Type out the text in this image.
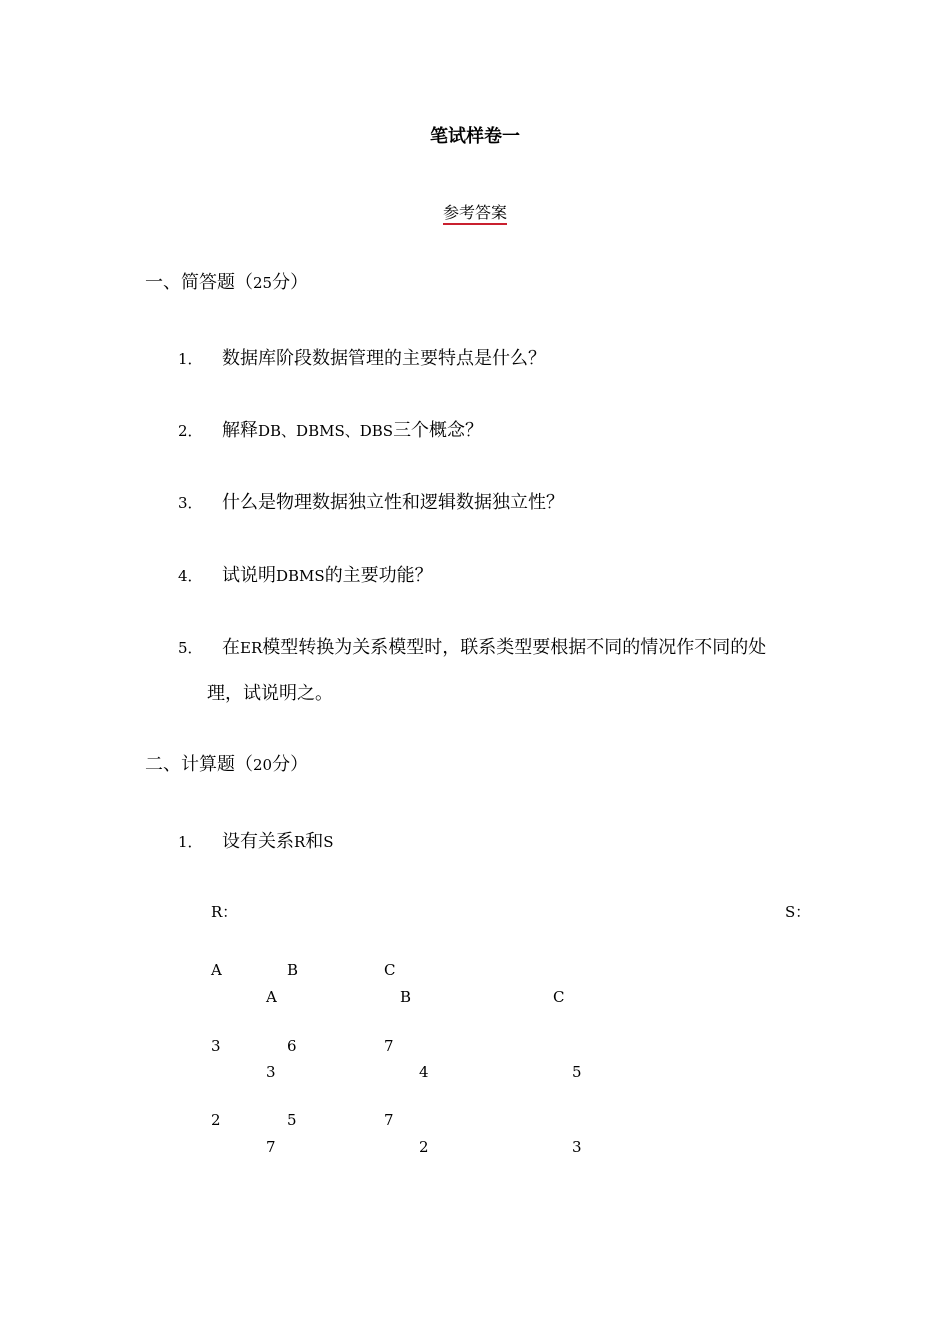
笔试样卷一
参考答案
一、简答题（25分）
1． 数据库阶段数据管理的主要特点是什么？
2． 解释DB、DBMS、DBS三个概念？
3． 什么是物理数据独立性和逻辑数据独立性？
4． 试说明DBMS的主要功能？
5． 在ER模型转换为关系模型时，联系类型要根据不同的情况作不同的处
理，试说明之。
二、计算题（20分）
1． 设有关系R和S
R：	S：
A	B	C
A	B	C
3	6	7
3	4	5
2	5	7
7	2	3
